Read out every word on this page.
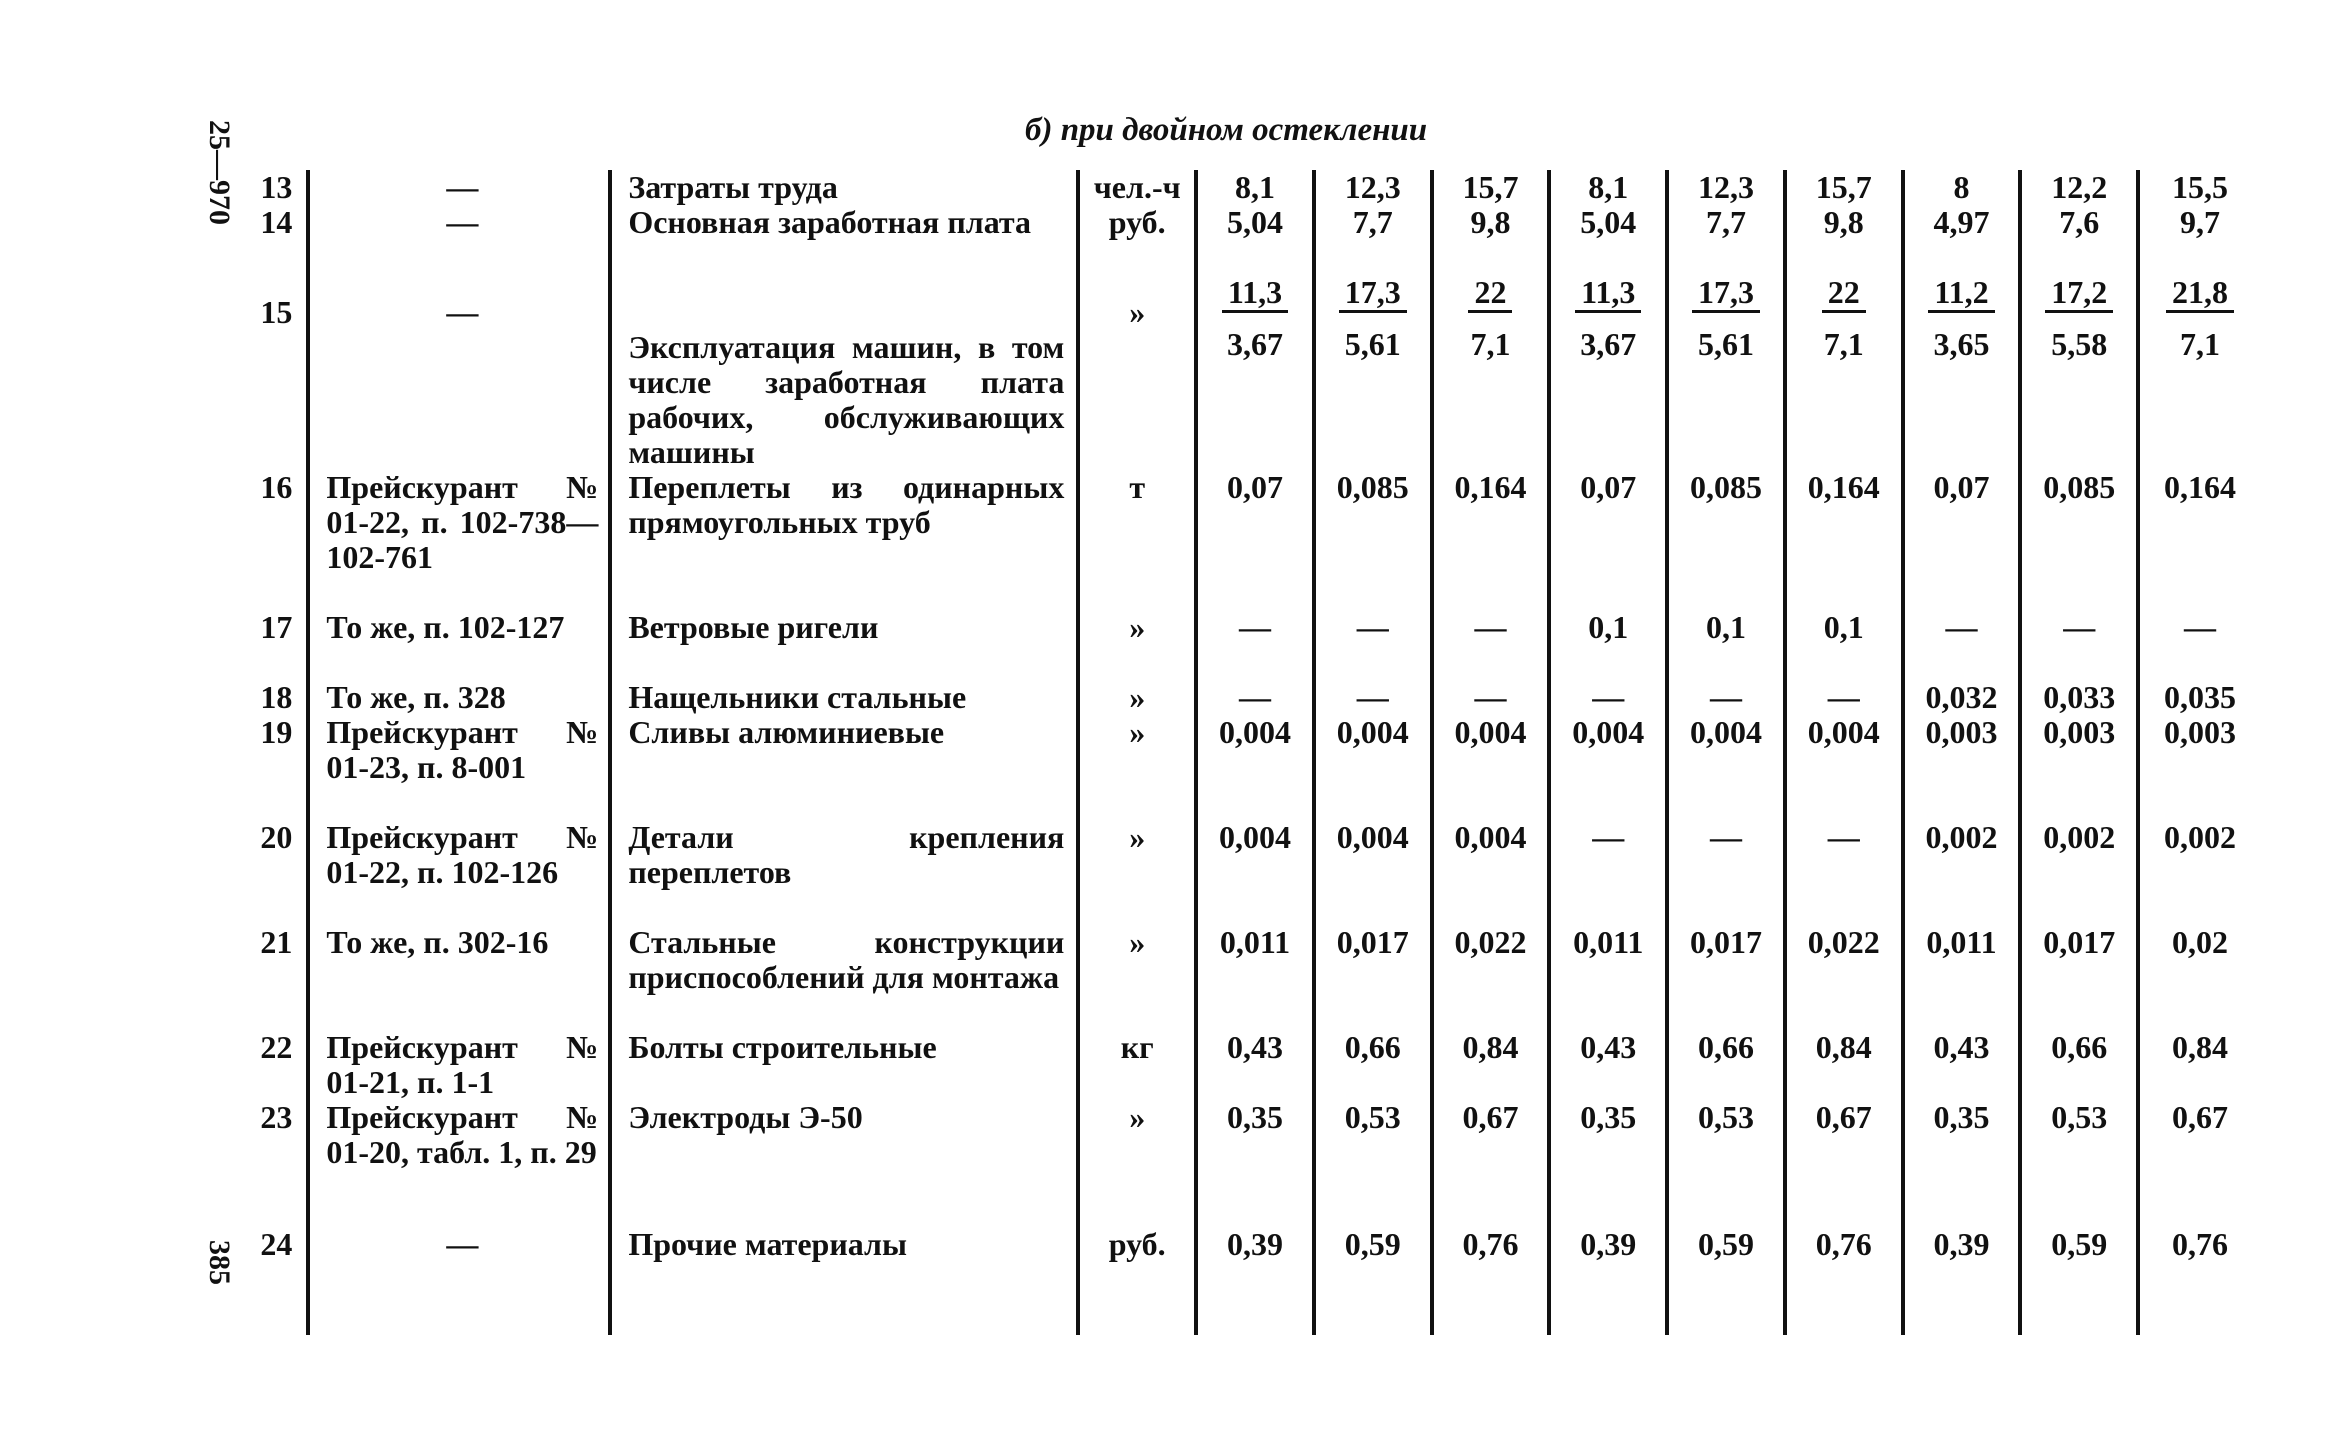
25—970
385
б) при двойном остеклении
13	—	Затраты труда	чел.-ч	8,1	12,3	15,7	8,1	12,3	15,7	8	12,2	15,5
14	—	Основная заработная плата	руб.	5,04	7,7	9,8	5,04	7,7	9,8	4,97	7,6	9,7
15	—	Эксплуатация машин, в том числе заработная плата рабочих, обслуживающих машины	»	$\frac{11,3}{3,67}$	$\frac{17,3}{5,61}$	$\frac{22}{7,1}$	$\frac{11,3}{3,67}$	$\frac{17,3}{5,61}$	$\frac{22}{7,1}$	$\frac{11,2}{3,65}$	$\frac{17,2}{5,58}$	$\frac{21,8}{7,1}$

16	Прейскурант № 01-22, п. 102-738—102-761	Переплеты из одинарных прямоугольных труб	т	0,07	0,085	0,164	0,07	0,085	0,164	0,07	0,085	0,164
17	То же, п. 102-127	Ветровые ригели	»	—	—	—	0,1	0,1	0,1	—	—	—
18	То же, п. 328	Нащельники стальные	»	—	—	—	—	—	—	0,032	0,033	0,035
19	Прейскурант № 01-23, п. 8-001	Сливы алюминиевые	»	0,004	0,004	0,004	0,004	0,004	0,004	0,003	0,003	0,003
20	Прейскурант № 01-22, п. 102-126	Детали крепления переплетов	»	0,004	0,004	0,004	—	—	—	0,002	0,002	0,002
21	То же, п. 302-16	Стальные конструкции приспособлений для монтажа	»	0,011	0,017	0,022	0,011	0,017	0,022	0,011	0,017	0,02
22	Прейскурант № 01-21, п. 1-1	Болты строительные	кг	0,43	0,66	0,84	0,43	0,66	0,84	0,43	0,66	0,84
23	Прейскурант № 01-20, табл. 1, п. 29	Электроды Э-50	»	0,35	0,53	0,67	0,35	0,53	0,67	0,35	0,53	0,67
24	—	Прочие материалы	руб.	0,39	0,59	0,76	0,39	0,59	0,76	0,39	0,59	0,76
